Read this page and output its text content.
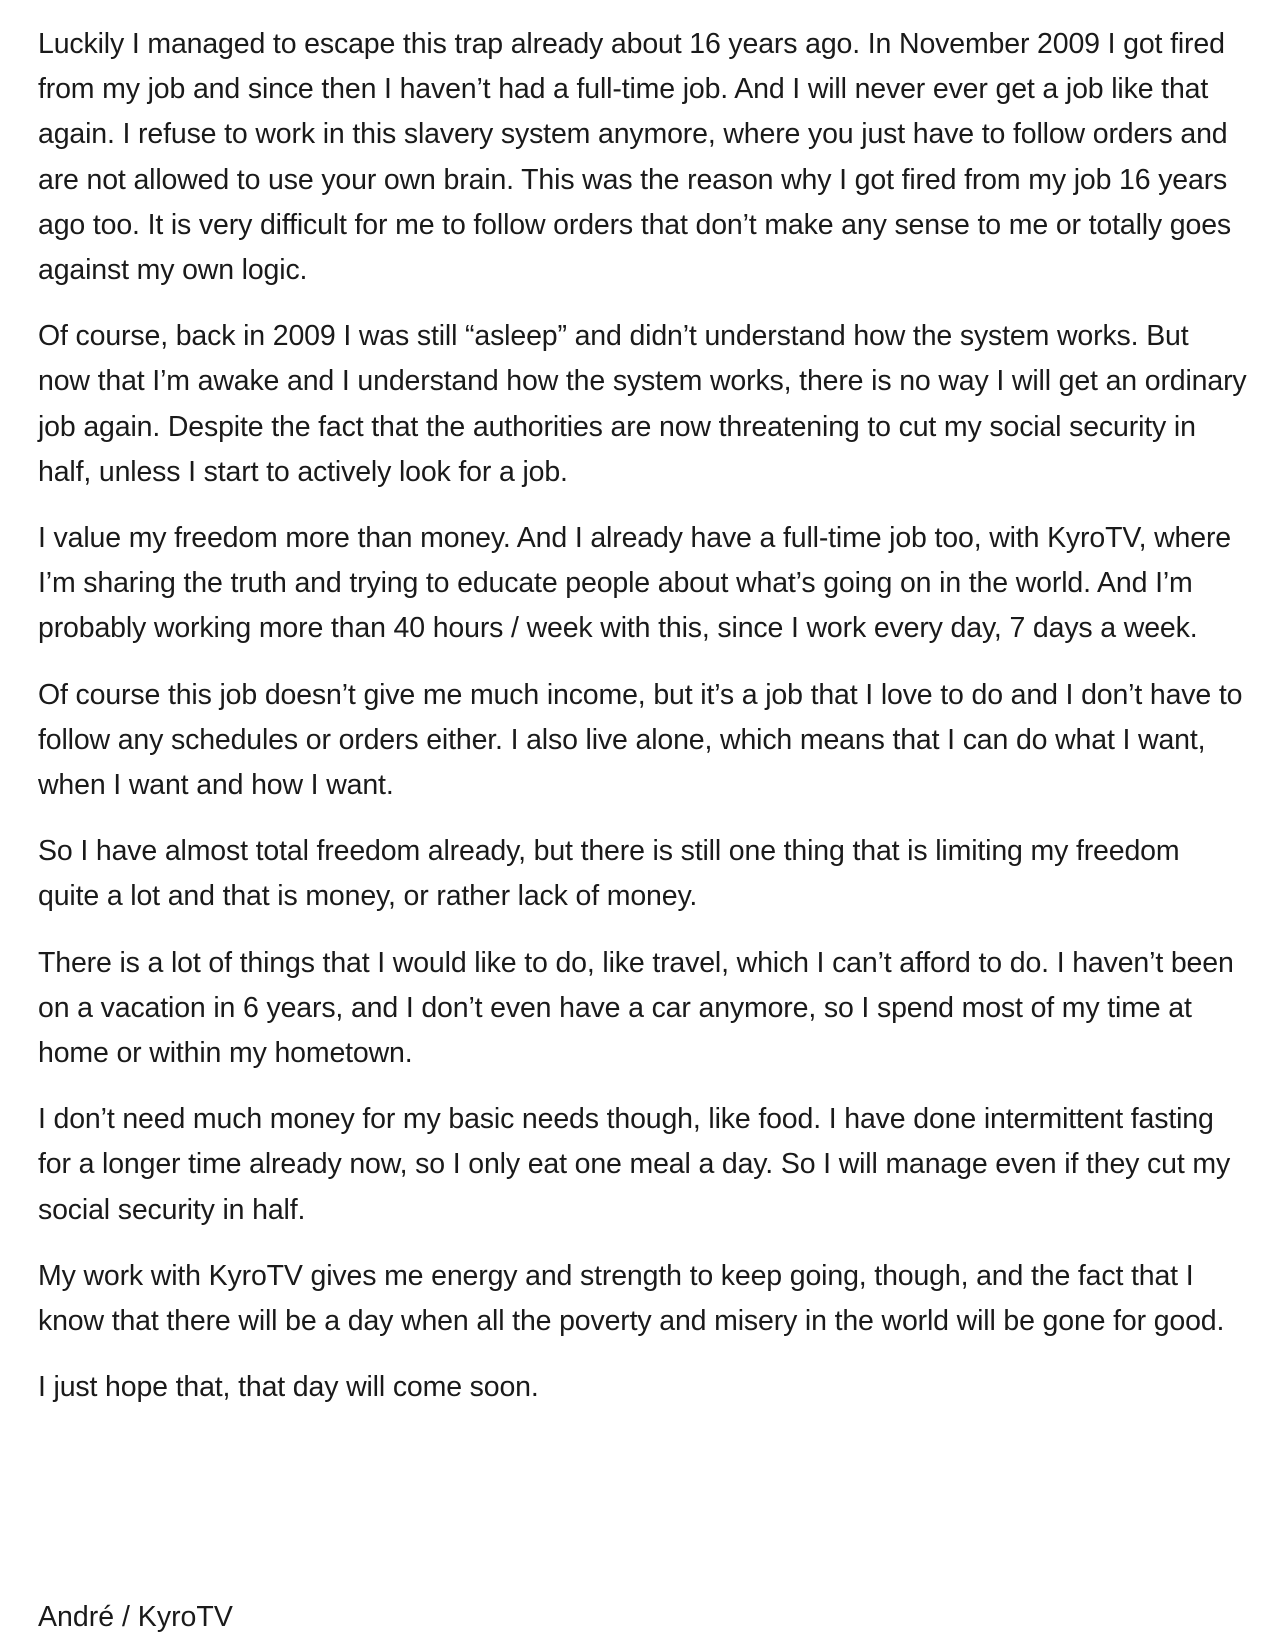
Luckily I managed to escape this trap already about 16 years ago. In November 2009 I got fired from my job and since then I haven’t had a full-time job. And I will never ever get a job like that again. I refuse to work in this slavery system anymore, where you just have to follow orders and are not allowed to use your own brain. This was the reason why I got fired from my job 16 years ago too. It is very difficult for me to follow orders that don’t make any sense to me or totally goes against my own logic.

Of course, back in 2009 I was still “asleep” and didn’t understand how the system works. But now that I’m awake and I understand how the system works, there is no way I will get an ordinary job again. Despite the fact that the authorities are now threatening to cut my social security in half, unless I start to actively look for a job.

I value my freedom more than money. And I already have a full-time job too, with KyroTV, where I’m sharing the truth and trying to educate people about what’s going on in the world. And I’m probably working more than 40 hours / week with this, since I work every day, 7 days a week.

Of course this job doesn’t give me much income, but it’s a job that I love to do and I don’t have to follow any schedules or orders either. I also live alone, which means that I can do what I want, when I want and how I want.

So I have almost total freedom already, but there is still one thing that is limiting my freedom quite a lot and that is money, or rather lack of money.

There is a lot of things that I would like to do, like travel, which I can’t afford to do. I haven’t been on a vacation in 6 years, and I don’t even have a car anymore, so I spend most of my time at home or within my hometown.

I don’t need much money for my basic needs though, like food. I have done intermittent fasting for a longer time already now, so I only eat one meal a day. So I will manage even if they cut my social security in half.

My work with KyroTV gives me energy and strength to keep going, though, and the fact that I know that there will be a day when all the poverty and misery in the world will be gone for good.

I just hope that, that day will come soon.

André / KyroTV
